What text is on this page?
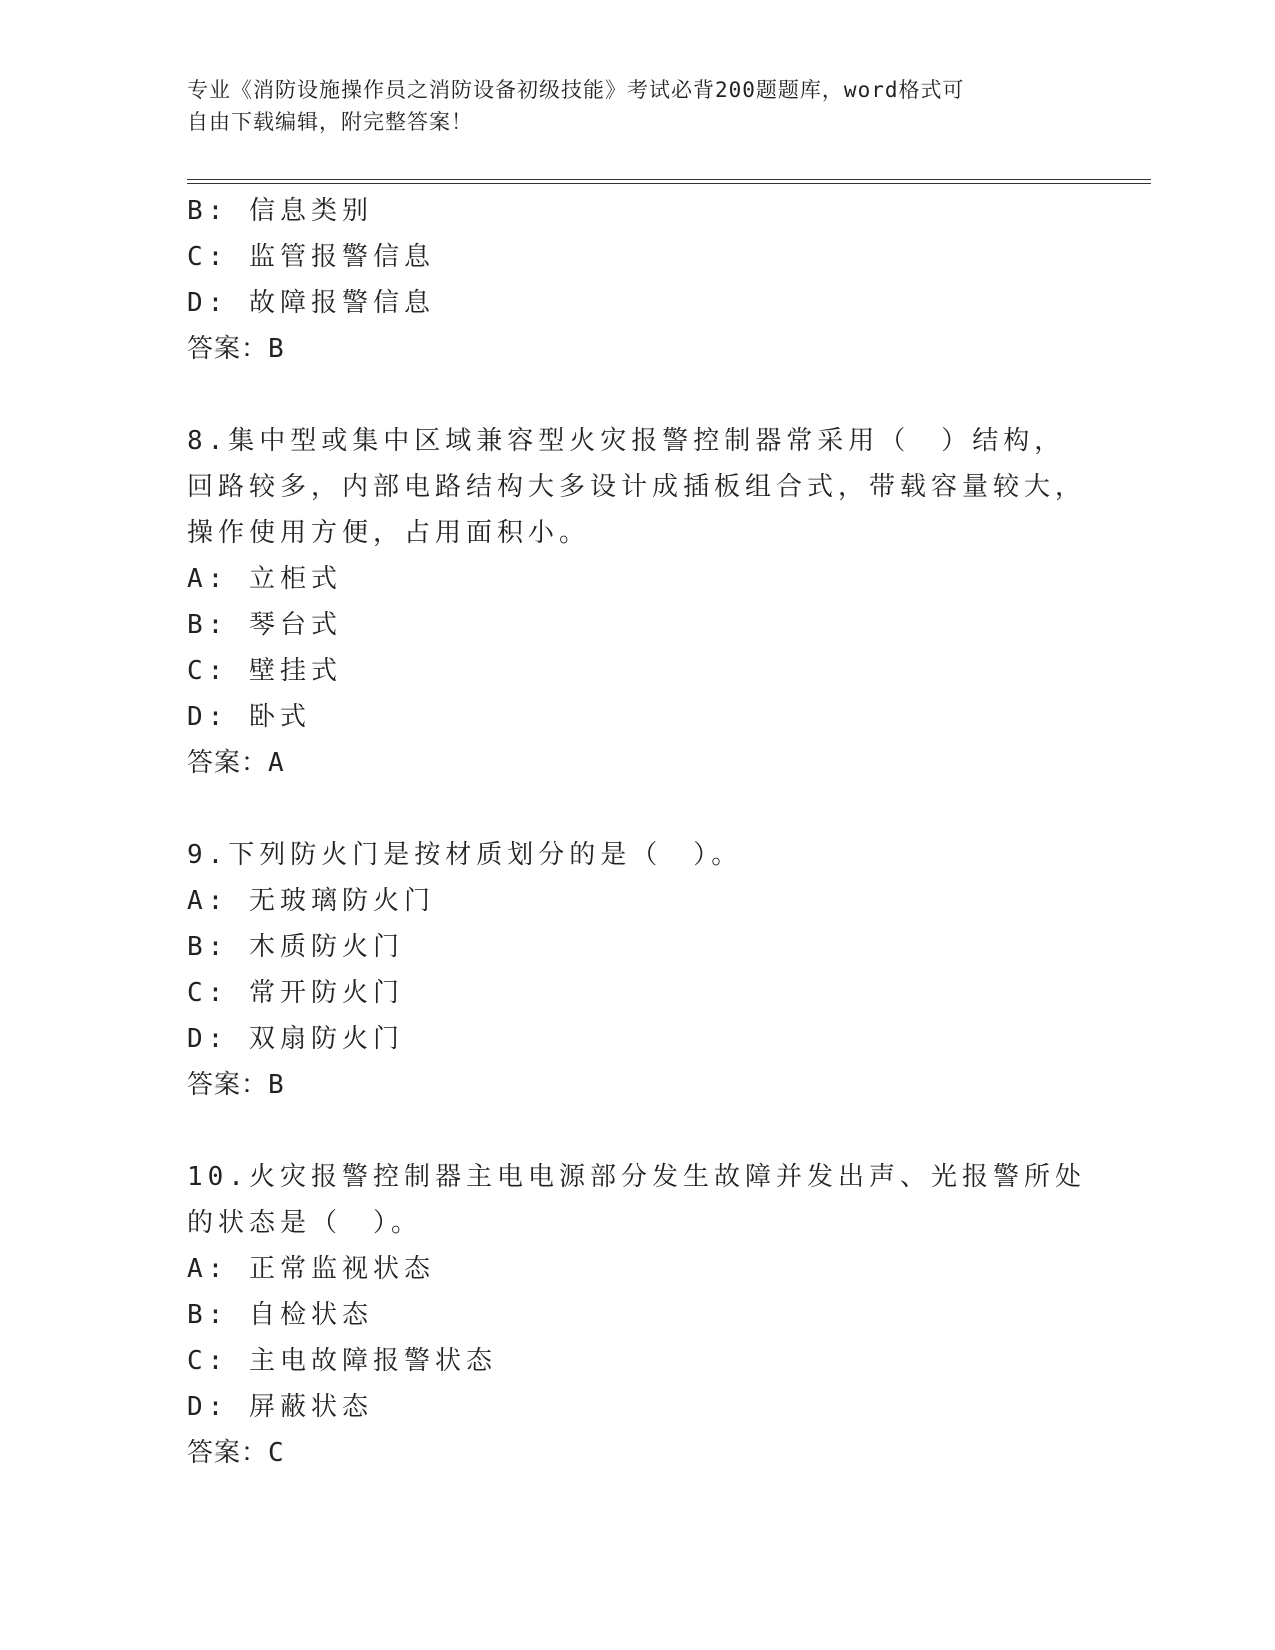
专业《消防设施操作员之消防设备初级技能》考试必背200题题库，word格式可
自由下载编辑，附完整答案！
B: 信息类别
C: 监管报警信息
D: 故障报警信息
答案：B
8.集中型或集中区域兼容型火灾报警控制器常采用（　）结构，回路较多，内部电路结构大多设计成插板组合式，带载容量较大，操作使用方便，占用面积小。
A: 立柜式
B: 琴台式
C: 壁挂式
D: 卧式
答案：A
9.下列防火门是按材质划分的是（　）。
A: 无玻璃防火门
B: 木质防火门
C: 常开防火门
D: 双扇防火门
答案：B
10.火灾报警控制器主电电源部分发生故障并发出声、光报警所处的状态是（　）。
A: 正常监视状态
B: 自检状态
C: 主电故障报警状态
D: 屏蔽状态
答案：C
